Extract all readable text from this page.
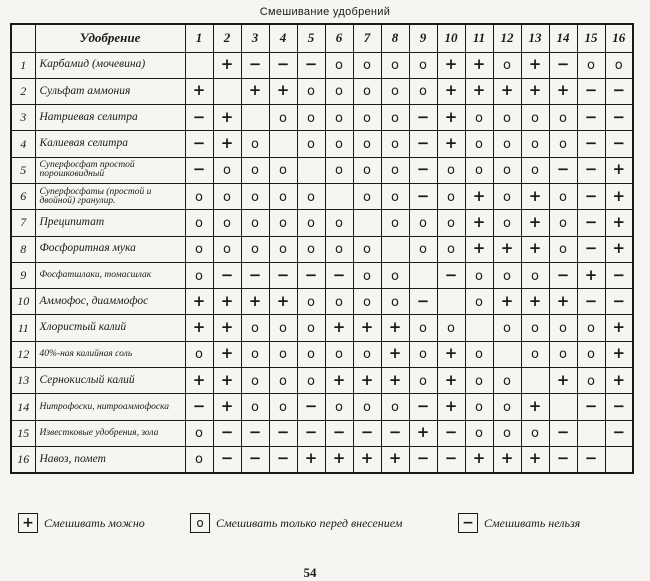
Смешивание удобрений
	Удобрение	1	2	3	4	5	6	7	8	9	10	11	12	13	14	15	16
1	Карбамид (мочевина)		+	−	−	−	o	o	o	o	+	+	o	+	−	o	o
2	Сульфат аммония	+		+	+	o	o	o	o	o	+	+	+	+	+	−	−
3	Натриевая селитра	−	+		o	o	o	o	o	−	+	o	o	o	o	−	−
4	Калиевая селитра	−	+	o		o	o	o	o	−	+	o	o	o	o	−	−
5	Суперфосфат простой порошковидный	−	o	o	o		o	o	o	−	o	o	o	o	−	−	+
6	Суперфосфаты (простой и двойной) гранулир.	o	o	o	o	o		o	o	−	o	+	o	+	o	−	+
7	Преципитат	o	o	o	o	o	o		o	o	o	+	o	+	o	−	+
8	Фосфоритная мука	o	o	o	o	o	o	o		o	o	+	+	+	o	−	+
9	Фосфатшлаки, томасшлак	o	−	−	−	−	−	o	o		−	o	o	o	−	+	−
10	Аммофос, диаммофос	+	+	+	+	o	o	o	o	−		o	+	+	+	−	−
11	Хлористый калий	+	+	o	o	o	+	+	+	o	o		o	o	o	o	+
12	40%-ная калийная соль	o	+	o	o	o	o	o	+	o	+	o		o	o	o	+
13	Сернокислый калий	+	+	o	o	o	+	+	+	o	+	o	o		+	o	+
14	Нитрофоски, нитроаммофоска	−	+	o	o	−	o	o	o	−	+	o	o	+		−	−
15	Известковые удобрения, зола	o	−	−	−	−	−	−	−	+	−	o	o	o	−		−
16	Навоз, помет	o	−	−	−	+	+	+	+	−	−	+	+	+	−	−	
+ Смешивать можно	o Смешивать только перед внесением	− Смешивать нельзя
54
